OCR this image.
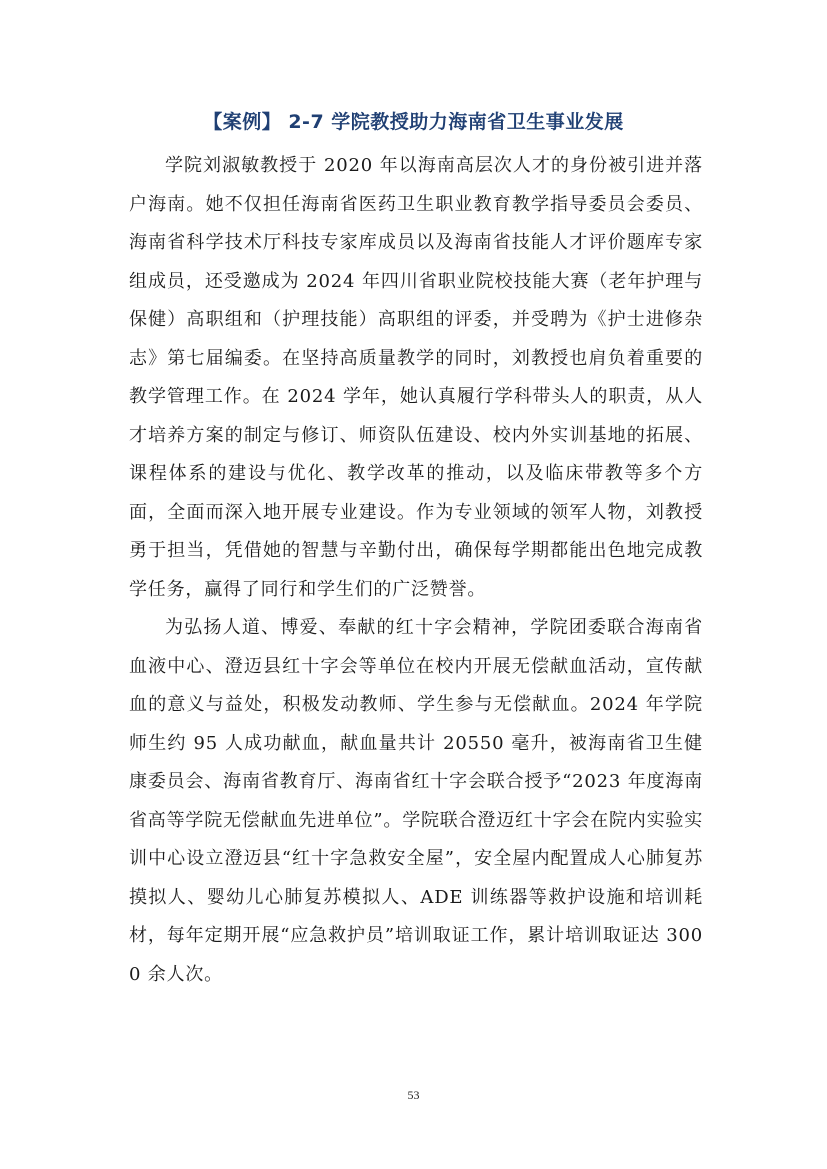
【案例】 2-7 学院教授助力海南省卫生事业发展

学院刘淑敏教授于 2020 年以海南高层次人才的身份被引进并落户海南。她不仅担任海南省医药卫生职业教育教学指导委员会委员、海南省科学技术厅科技专家库成员以及海南省技能人才评价题库专家组成员，还受邀成为 2024 年四川省职业院校技能大赛（老年护理与保健）高职组和（护理技能）高职组的评委，并受聘为《护士进修杂志》第七届编委。在坚持高质量教学的同时，刘教授也肩负着重要的教学管理工作。在 2024 学年，她认真履行学科带头人的职责，从人才培养方案的制定与修订、师资队伍建设、校内外实训基地的拓展、课程体系的建设与优化、教学改革的推动，以及临床带教等多个方面，全面而深入地开展专业建设。作为专业领域的领军人物，刘教授勇于担当，凭借她的智慧与辛勤付出，确保每学期都能出色地完成教学任务，赢得了同行和学生们的广泛赞誉。

为弘扬人道、博爱、奉献的红十字会精神，学院团委联合海南省血液中心、澄迈县红十字会等单位在校内开展无偿献血活动，宣传献血的意义与益处，积极发动教师、学生参与无偿献血。2024 年学院师生约 95 人成功献血，献血量共计 20550 毫升，被海南省卫生健康委员会、海南省教育厅、海南省红十字会联合授予“2023 年度海南省高等学院无偿献血先进单位”。学院联合澄迈红十字会在院内实验实训中心设立澄迈县“红十字急救安全屋”，安全屋内配置成人心肺复苏摸拟人、婴幼儿心肺复苏模拟人、ADE 训练器等救护设施和培训耗材，每年定期开展“应急救护员”培训取证工作，累计培训取证达 3000 余人次。

53
